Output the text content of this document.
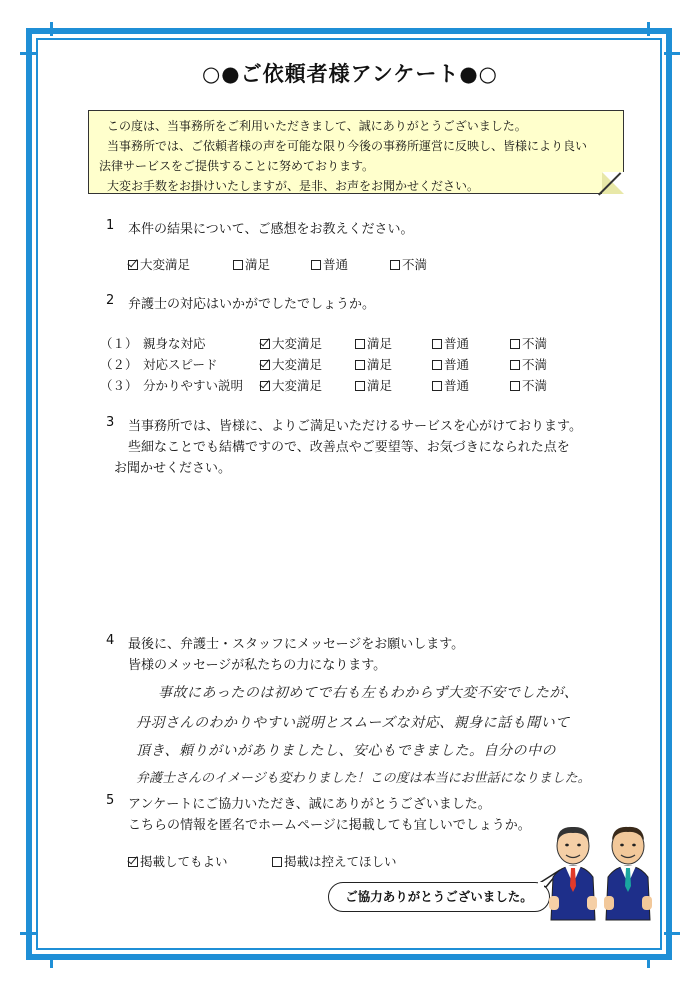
○●ご依頼者様アンケート●○
この度は、当事務所をご利用いただきまして、誠にありがとうございました。
当事務所では、ご依頼者様の声を可能な限り今後の事務所運営に反映し、皆様により良い
法律サービスをご提供することに努めております。
大変お手数をお掛けいたしますが、是非、お声をお聞かせください。
1 本件の結果について、ご感想をお教えください。
大変満足	満足	普通	不満
2 弁護士の対応はいかがでしたでしょうか。
（１） 親身な対応	大変満足	満足	普通	不満
（２） 対応スピード	大変満足	満足	普通	不満
（３） 分かりやすい説明	大変満足	満足	普通	不満
3 当事務所では、皆様に、よりご満足いただけるサービスを心がけております。
些細なことでも結構ですので、改善点やご要望等、お気づきになられた点を
お聞かせください。
4 最後に、弁護士・スタッフにメッセージをお願いします。
皆様のメッセージが私たちの力になります。
事故にあったのは初めてで右も左もわからず大変不安でしたが、
丹羽さんのわかりやすい説明とスムーズな対応、親身に話も聞いて
頂き、頼りがいがありましたし、安心もできました。自分の中の
弁護士さんのイメージも変わりました！この度は本当にお世話になりました。
5 アンケートにご協力いただき、誠にありがとうございました。
こちらの情報を匿名でホームページに掲載しても宜しいでしょうか。
掲載してもよい	掲載は控えてほしい
ご協力ありがとうございました。
